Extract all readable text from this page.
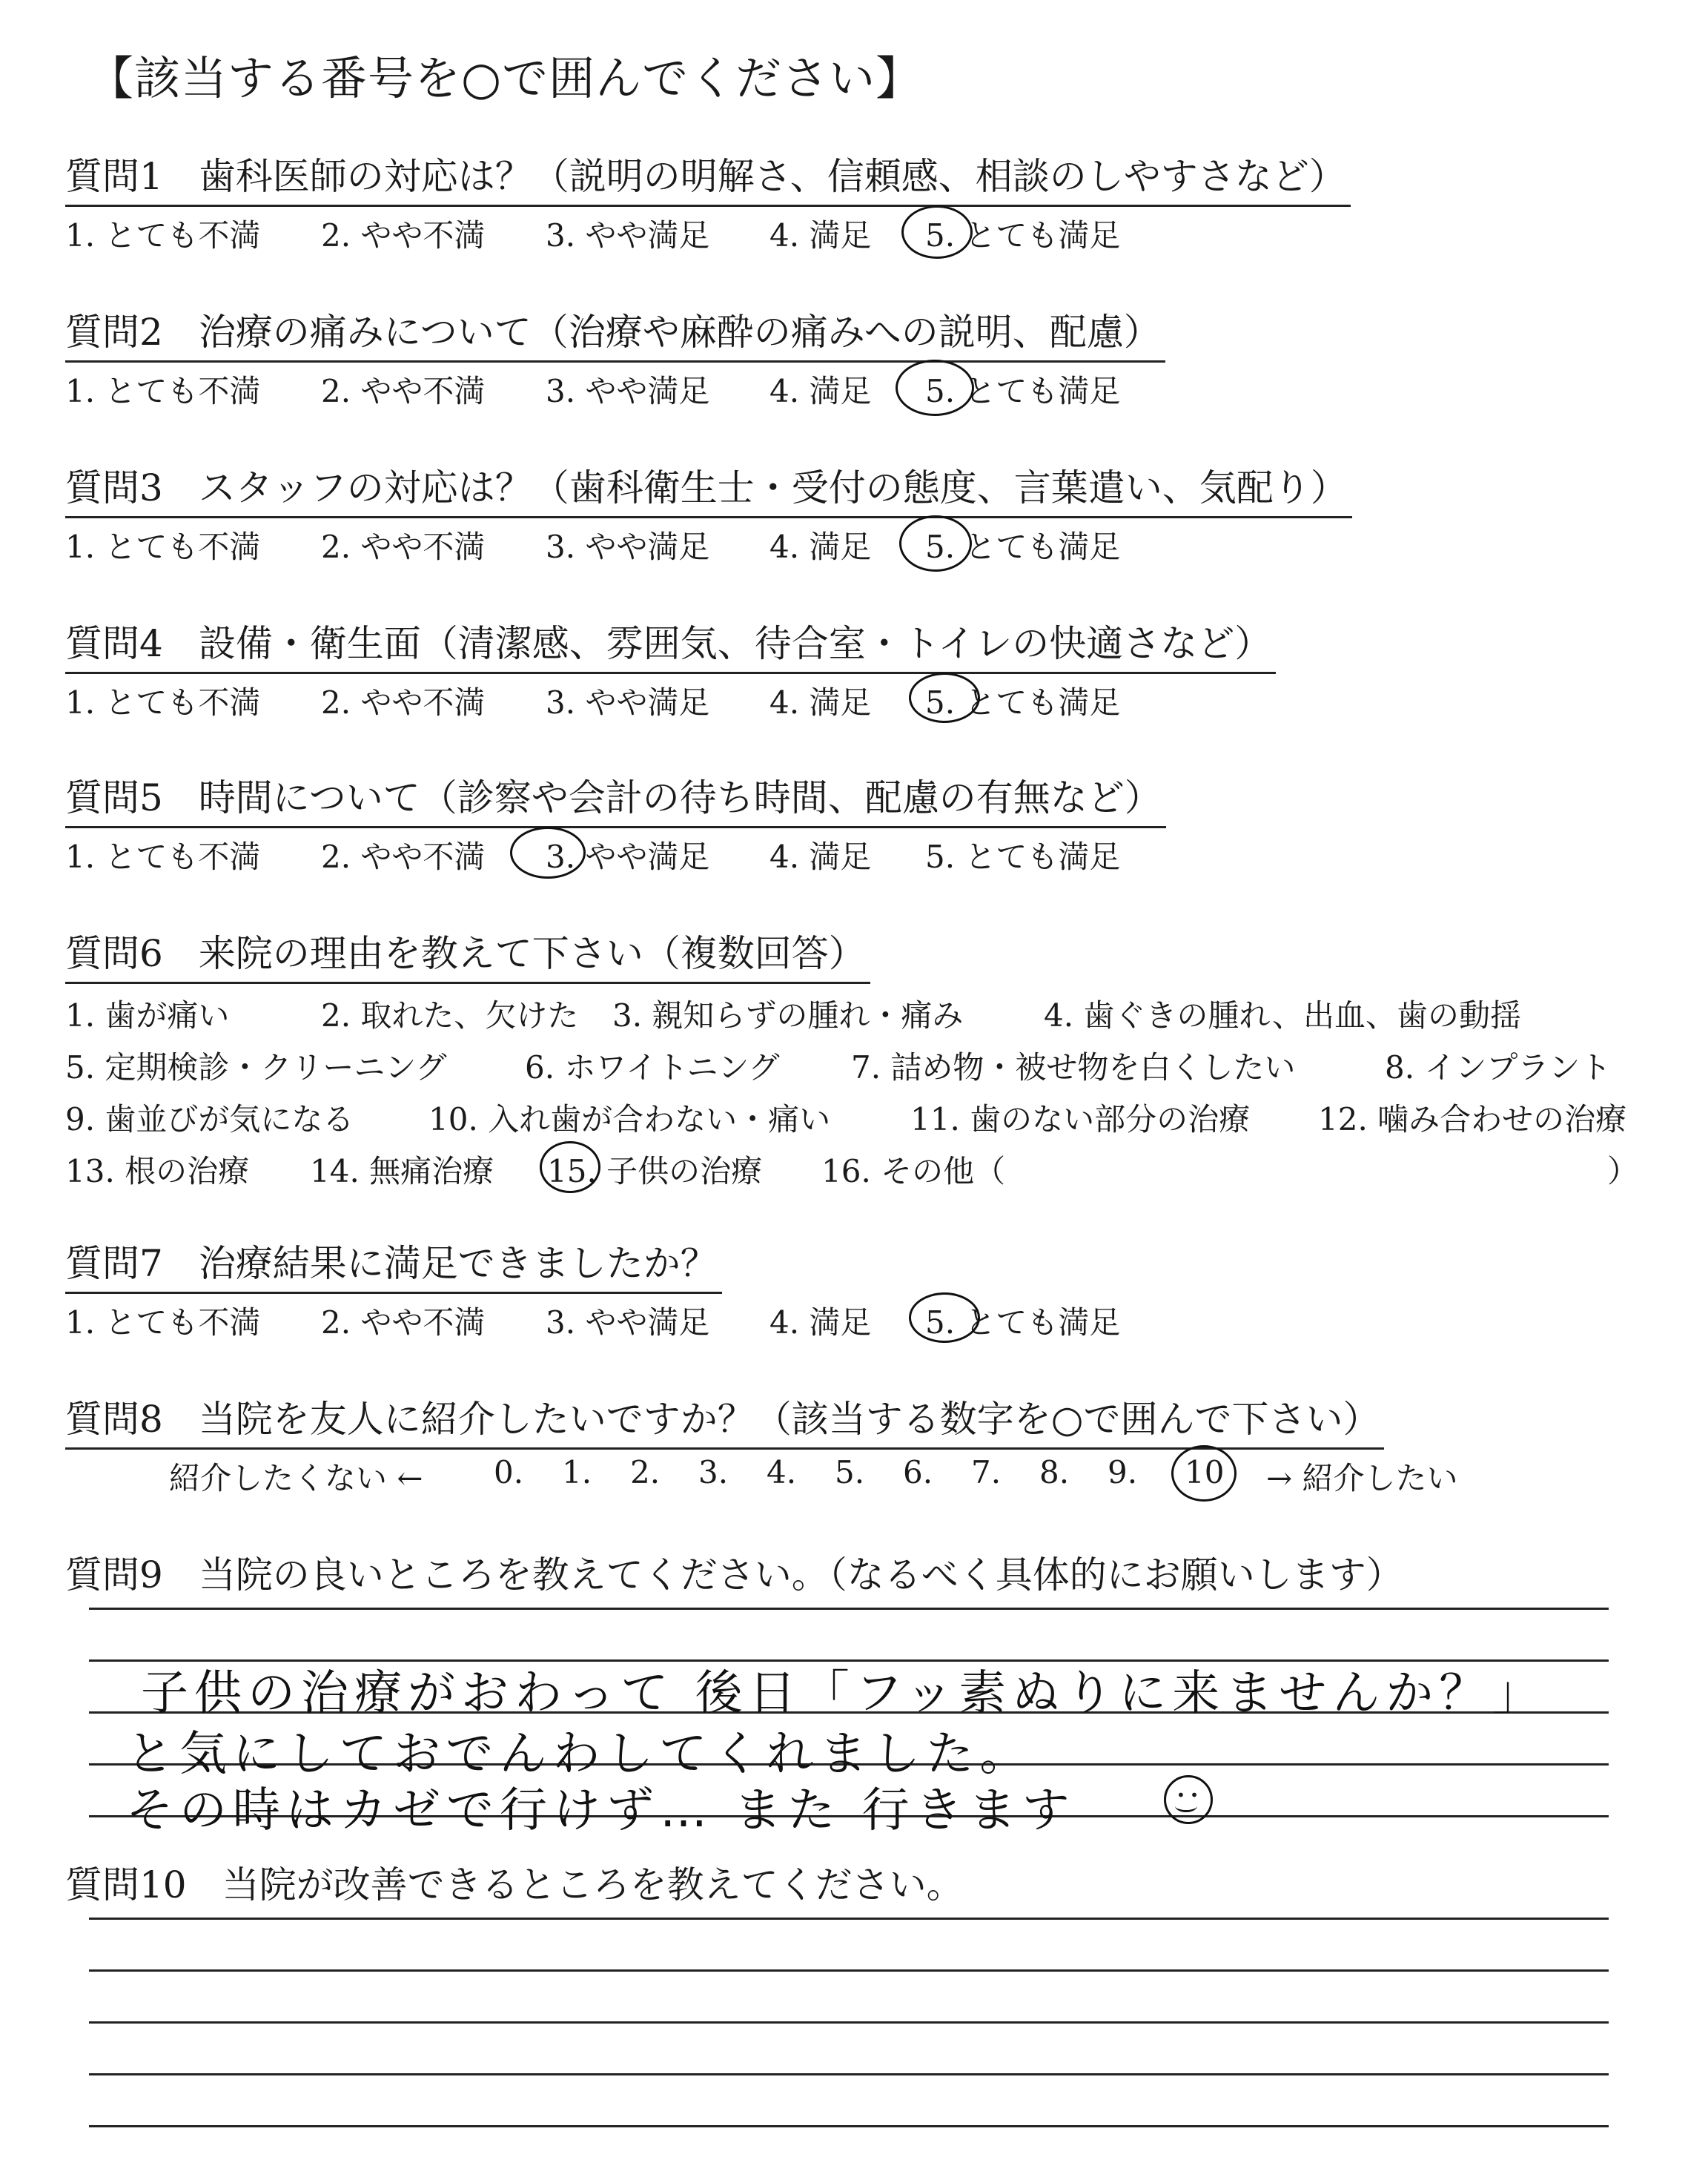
【該当する番号を○で囲んでください】
質問1 歯科医師の対応は？（説明の明解さ、信頼感、相談のしやすさなど）
1. とても不満 2. やや不満 3. やや満足 4. 満足 5. とても満足
質問2 治療の痛みについて（治療や麻酔の痛みへの説明、配慮）
1. とても不満 2. やや不満 3. やや満足 4. 満足 5. とても満足
質問3 スタッフの対応は？（歯科衛生士・受付の態度、言葉遣い、気配り）
1. とても不満 2. やや不満 3. やや満足 4. 満足 5. とても満足
質問4 設備・衛生面（清潔感、雰囲気、待合室・トイレの快適さなど）
1. とても不満 2. やや不満 3. やや満足 4. 満足 5. とても満足
質問5 時間について（診察や会計の待ち時間、配慮の有無など）
1. とても不満 2. やや不満 3. やや満足 4. 満足 5. とても満足
質問6 来院の理由を教えて下さい（複数回答）
1. 歯が痛い	2. 取れた、欠けた 3. 親知らずの腫れ・痛み	4. 歯ぐきの腫れ、出血、歯の動揺
5. 定期検診・クリーニング	6. ホワイトニング 7. 詰め物・被せ物を白くしたい	8. インプラント
9. 歯並びが気になる 10. 入れ歯が合わない・痛い	11. 歯のない部分の治療 12. 噛み合わせの治療
13. 根の治療 14. 無痛治療 15. 子供の治療 16. その他（	）
質問7 治療結果に満足できましたか？
1. とても不満 2. やや不満 3. やや満足 4. 満足 5. とても満足
質問8 当院を友人に紹介したいですか？（該当する数字を○で囲んで下さい）
紹介したくない ← 0. 1. 2. 3. 4. 5. 6. 7. 8. 9. 10 → 紹介したい
質問9 当院の良いところを教えてください。（なるべく具体的にお願いします）
子供の治療がおわって 後日「フッ素ぬりに来ませんか？」
と気にしておでんわしてくれました。
その時はカゼで行けず… また 行きます	• •
質問10 当院が改善できるところを教えてください。
